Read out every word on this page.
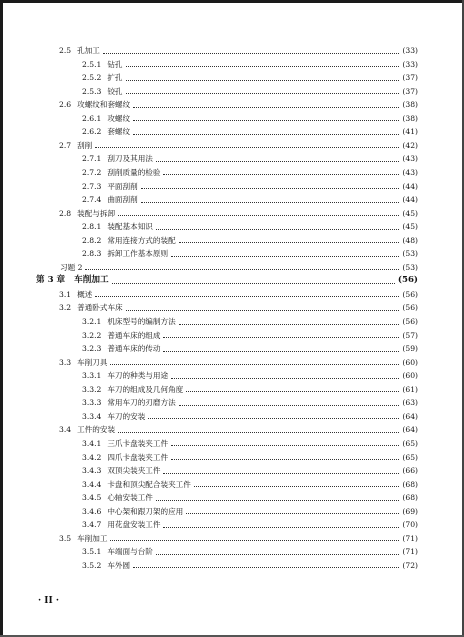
2.5 孔加工	(33)
2.5.1 钻孔	(33)
2.5.2 扩孔	(37)
2.5.3 铰孔	(37)
2.6 攻螺纹和套螺纹	(38)
2.6.1 攻螺纹	(38)
2.6.2 套螺纹	(41)
2.7 刮削	(42)
2.7.1 刮刀及其用法	(43)
2.7.2 刮削质量的检验	(43)
2.7.3 平面刮削	(44)
2.7.4 曲面刮削	(44)
2.8 装配与拆卸	(45)
2.8.1 装配基本知识	(45)
2.8.2 常用连接方式的装配	(48)
2.8.3 拆卸工作基本原则	(53)
习题 2	(53)
第 3 章 车削加工	(56)
3.1 概述	(56)
3.2 普通卧式车床	(56)
3.2.1 机床型号的编制方法	(56)
3.2.2 普通车床的组成	(57)
3.2.3 普通车床的传动	(59)
3.3 车削刀具	(60)
3.3.1 车刀的种类与用途	(60)
3.3.2 车刀的组成及几何角度	(61)
3.3.3 常用车刀的刃磨方法	(63)
3.3.4 车刀的安装	(64)
3.4 工件的安装	(64)
3.4.1 三爪卡盘装夹工件	(65)
3.4.2 四爪卡盘装夹工件	(65)
3.4.3 双顶尖装夹工件	(66)
3.4.4 卡盘和顶尖配合装夹工件	(68)
3.4.5 心轴安装工件	(68)
3.4.6 中心架和跟刀架的应用	(69)
3.4.7 用花盘安装工件	(70)
3.5 车削加工	(71)
3.5.1 车端面与台阶	(71)
3.5.2 车外圆	(72)
· II ·
